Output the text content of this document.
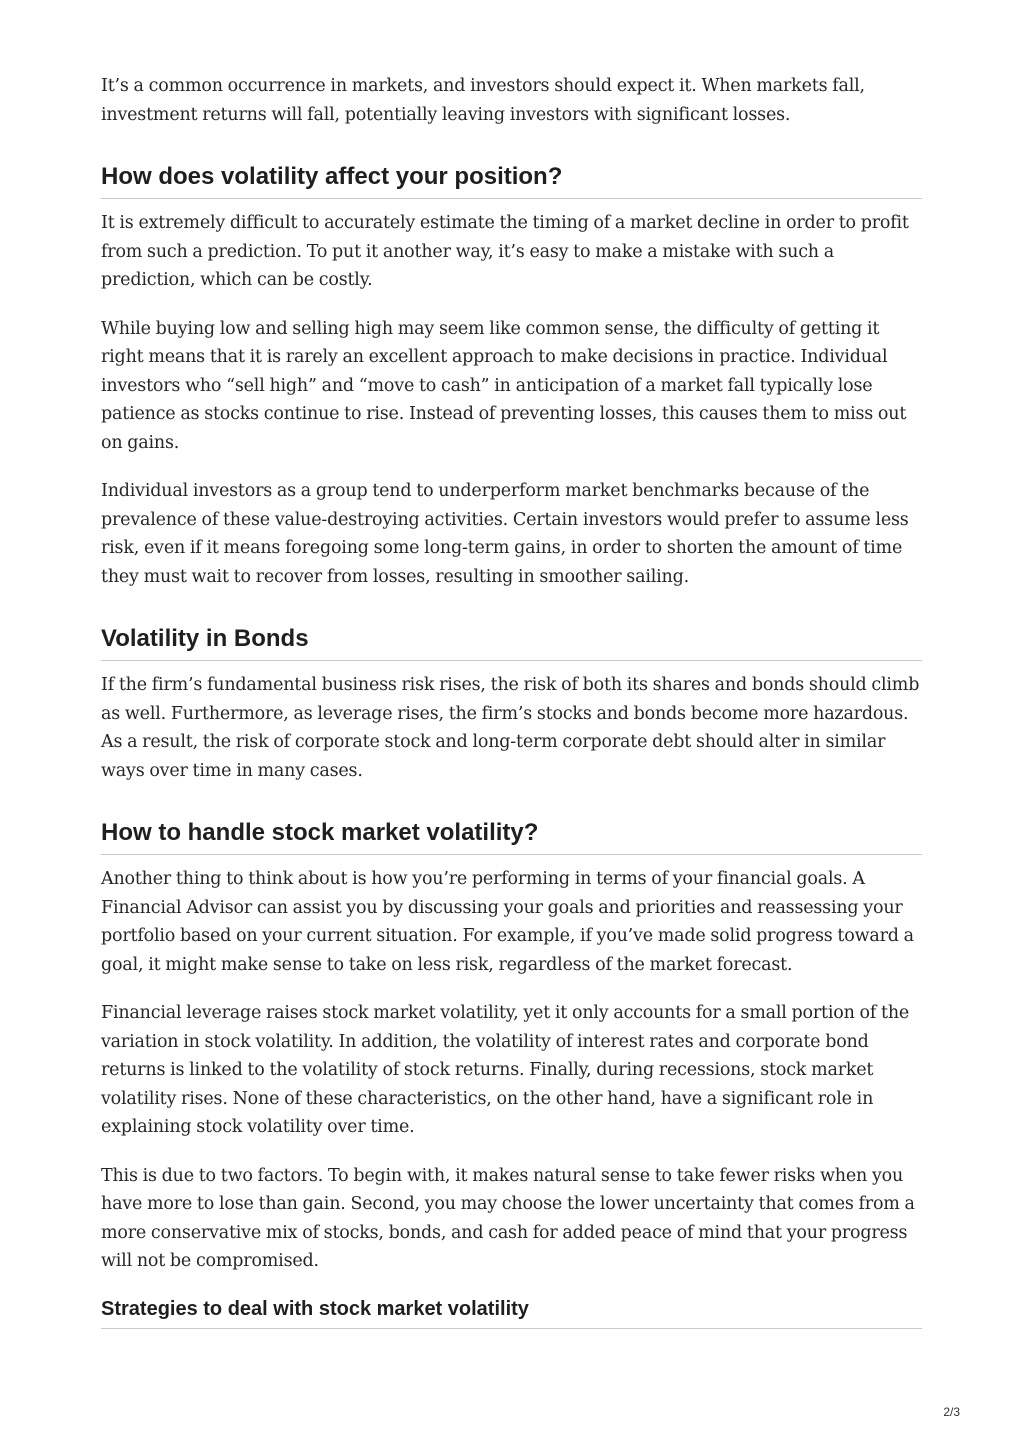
It’s a common occurrence in markets, and investors should expect it. When markets fall, investment returns will fall, potentially leaving investors with significant losses.

How does volatility affect your position?

It is extremely difficult to accurately estimate the timing of a market decline in order to profit from such a prediction. To put it another way, it’s easy to make a mistake with such a prediction, which can be costly.

While buying low and selling high may seem like common sense, the difficulty of getting it right means that it is rarely an excellent approach to make decisions in practice. Individual investors who “sell high” and “move to cash” in anticipation of a market fall typically lose patience as stocks continue to rise. Instead of preventing losses, this causes them to miss out on gains.

Individual investors as a group tend to underperform market benchmarks because of the prevalence of these value-destroying activities. Certain investors would prefer to assume less risk, even if it means foregoing some long-term gains, in order to shorten the amount of time they must wait to recover from losses, resulting in smoother sailing.

Volatility in Bonds

If the firm’s fundamental business risk rises, the risk of both its shares and bonds should climb as well. Furthermore, as leverage rises, the firm’s stocks and bonds become more hazardous. As a result, the risk of corporate stock and long-term corporate debt should alter in similar ways over time in many cases.

How to handle stock market volatility?

Another thing to think about is how you’re performing in terms of your financial goals. A Financial Advisor can assist you by discussing your goals and priorities and reassessing your portfolio based on your current situation. For example, if you’ve made solid progress toward a goal, it might make sense to take on less risk, regardless of the market forecast.

Financial leverage raises stock market volatility, yet it only accounts for a small portion of the variation in stock volatility. In addition, the volatility of interest rates and corporate bond returns is linked to the volatility of stock returns. Finally, during recessions, stock market volatility rises. None of these characteristics, on the other hand, have a significant role in explaining stock volatility over time.

This is due to two factors. To begin with, it makes natural sense to take fewer risks when you have more to lose than gain. Second, you may choose the lower uncertainty that comes from a more conservative mix of stocks, bonds, and cash for added peace of mind that your progress will not be compromised.

Strategies to deal with stock market volatility
2/3
